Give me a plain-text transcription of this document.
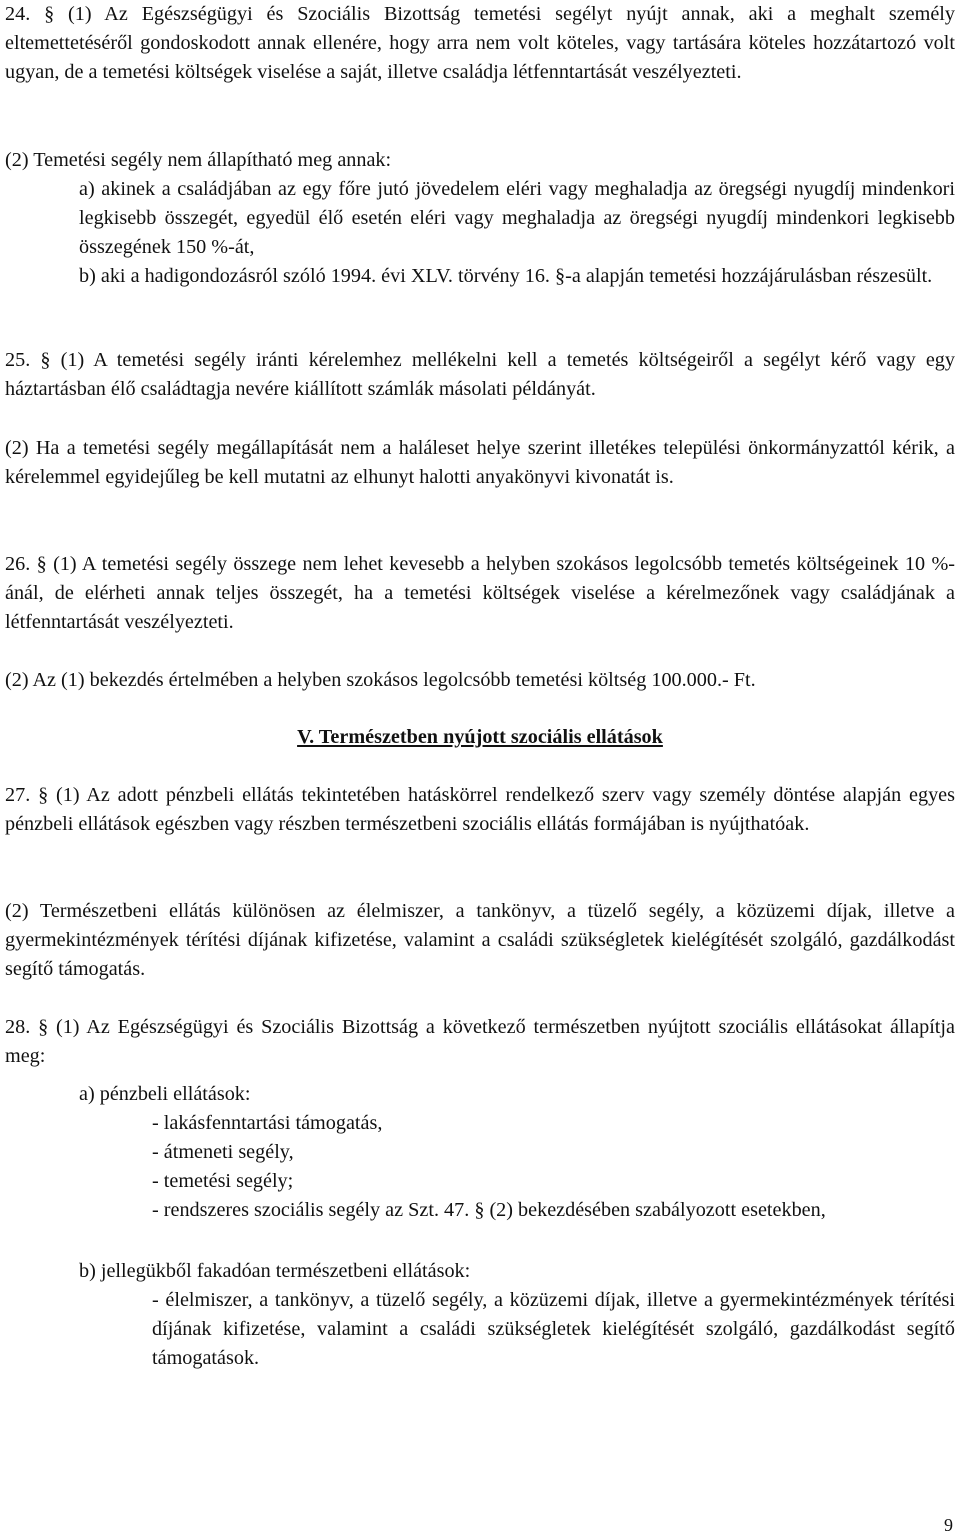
24. § (1) Az Egészségügyi és Szociális Bizottság temetési segélyt nyújt annak, aki a meghalt személy eltemettetéséről gondoskodott annak ellenére, hogy arra nem volt köteles, vagy tartására köteles hozzátartozó volt ugyan, de a temetési költségek viselése a saját, illetve családja létfenntartását veszélyezteti.

(2) Temetési segély nem állapítható meg annak:

a) akinek a családjában az egy főre jutó jövedelem eléri vagy meghaladja az öregségi nyugdíj mindenkori legkisebb összegét, egyedül élő esetén eléri vagy meghaladja az öregségi nyugdíj mindenkori legkisebb összegének 150 %-át,

b) aki a hadigondozásról szóló 1994. évi XLV. törvény 16. §-a alapján temetési hozzájárulásban részesült.

25. § (1) A temetési segély iránti kérelemhez mellékelni kell a temetés költségeiről a segélyt kérő vagy egy háztartásban élő családtagja nevére kiállított számlák másolati példányát.

(2) Ha a temetési segély megállapítását nem a haláleset helye szerint illetékes települési önkormányzattól kérik, a kérelemmel egyidejűleg be kell mutatni az elhunyt halotti anyakönyvi kivonatát is.

26. § (1) A temetési segély összege nem lehet kevesebb a helyben szokásos legolcsóbb temetés költségeinek 10 %-ánál, de elérheti annak teljes összegét, ha a temetési költségek viselése a kérelmezőnek vagy családjának a létfenntartását veszélyezteti.

(2) Az (1) bekezdés értelmében a helyben szokásos legolcsóbb temetési költség 100.000.- Ft.

V. Természetben nyújott szociális ellátások

27. § (1) Az adott pénzbeli ellátás tekintetében hatáskörrel rendelkező szerv vagy személy döntése alapján egyes pénzbeli ellátások egészben vagy részben természetbeni szociális ellátás formájában is nyújthatóak.

(2) Természetbeni ellátás különösen az élelmiszer, a tankönyv, a tüzelő segély, a közüzemi díjak, illetve a gyermekintézmények térítési díjának kifizetése, valamint a családi szükségletek kielégítését szolgáló, gazdálkodást segítő támogatás.

28. § (1) Az Egészségügyi és Szociális Bizottság a következő természetben nyújtott szociális ellátásokat állapítja meg:

a) pénzbeli ellátások:

- lakásfenntartási támogatás,

- átmeneti segély,

- temetési segély;

- rendszeres szociális segély az Szt. 47. § (2) bekezdésében szabályozott esetekben,

b) jellegükből fakadóan természetbeni ellátások:

- élelmiszer, a tankönyv, a tüzelő segély, a közüzemi díjak, illetve a gyermekintézmények térítési díjának kifizetése, valamint a családi szükségletek kielégítését szolgáló, gazdálkodást segítő támogatások.

9
